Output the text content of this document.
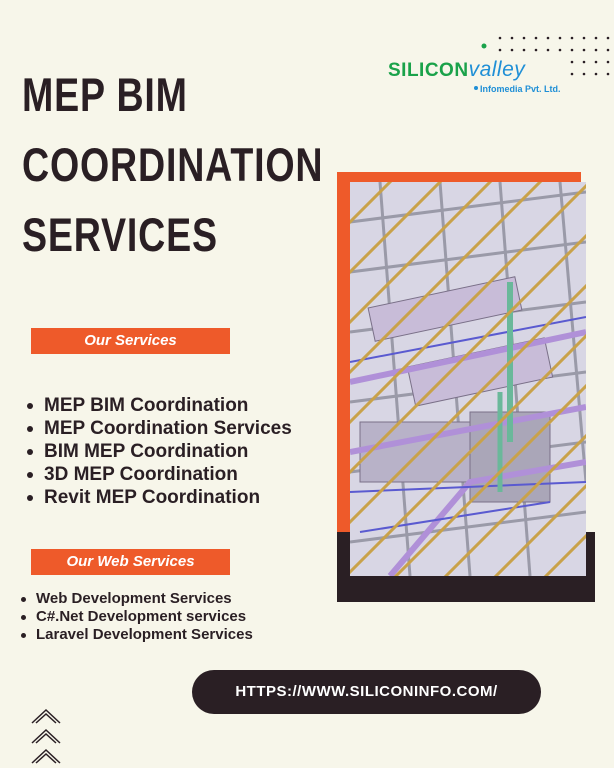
MEP BIM
COORDINATION
SERVICES
SILICONvalley
Infomedia Pvt. Ltd.
Our Services
MEP BIM Coordination
MEP Coordination Services
BIM MEP Coordination
3D MEP Coordination
Revit MEP Coordination
Our Web Services
Web Development Services
C#.Net Development services
Laravel Development Services
HTTPS://WWW.SILICONINFO.COM/
